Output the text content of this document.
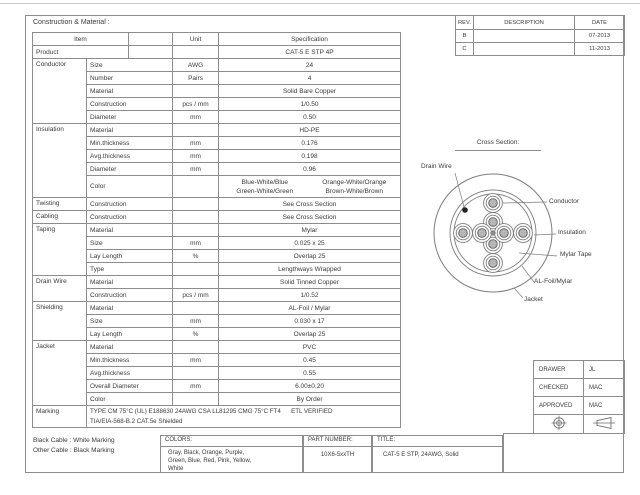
Construction & Material :
Item			Unit	Specification
Product				CAT-5 E STP 4P
Conductor	Size		AWG	24
	Number		Pairs	4
	Material			Solid Bare Copper
	Construction		pcs / mm	1/0.50
	Diameter		mm	0.50
Insulation	Material			HD-PE
	Min.thickness		mm	0.176
	Avg.thickness		mm	0.198
	Diameter		mm	0.96
	Color			Blue-White/Blue Orange-White/Orange
Green-White/Green Brown-White/Brown

Twisting	Construction			See Cross Section
Cabling	Construction			See Cross Section
Taping	Material			Mylar
	Size		mm	0.025 x 25
	Lay Length		%	Overlap 25
	Type			Lengthways Wrapped
Drain Wire	Material			Solid Tinned Copper
	Construction		pcs / mm	1/0.52
Shielding	Material			AL-Foil / Mylar
	Size		mm	0.030 x 17
	Lay Length		%	Overlap 25
Jacket	Material			PVC
	Min.thickness		mm	0.45
	Avg.thickness			0.55
	Overall Diameter		mm	6.00±0.20
	Color			By Order
Marking	TYPE CM 75°C (UL) E188630 24AWG CSA LL81295 CMG 75°C FT4      ETL VERIFIED
TIA/EIA-568-B.2 CAT.5e Shielded			
REV.	DESCRIPTION	DATE
B		07-2013
C		11-2013
Cross Section:
Drain Wire
Conductor
Insulation
Mylar Tape
AL-Foil/Mylar
Jacket
DRAWER	JL
CHECKED	MAC
APPROVED	MAC

Black Cable : White Marking
Other Cable : Black Marking
COLORS:
Gray, Black, Orange, Purple,
Green, Blue, Red, Pink, Yellow,
White
PART NUMBER:
10X6-5xxTH
TITLE:
CAT-5 E STP, 24AWG, Solid
